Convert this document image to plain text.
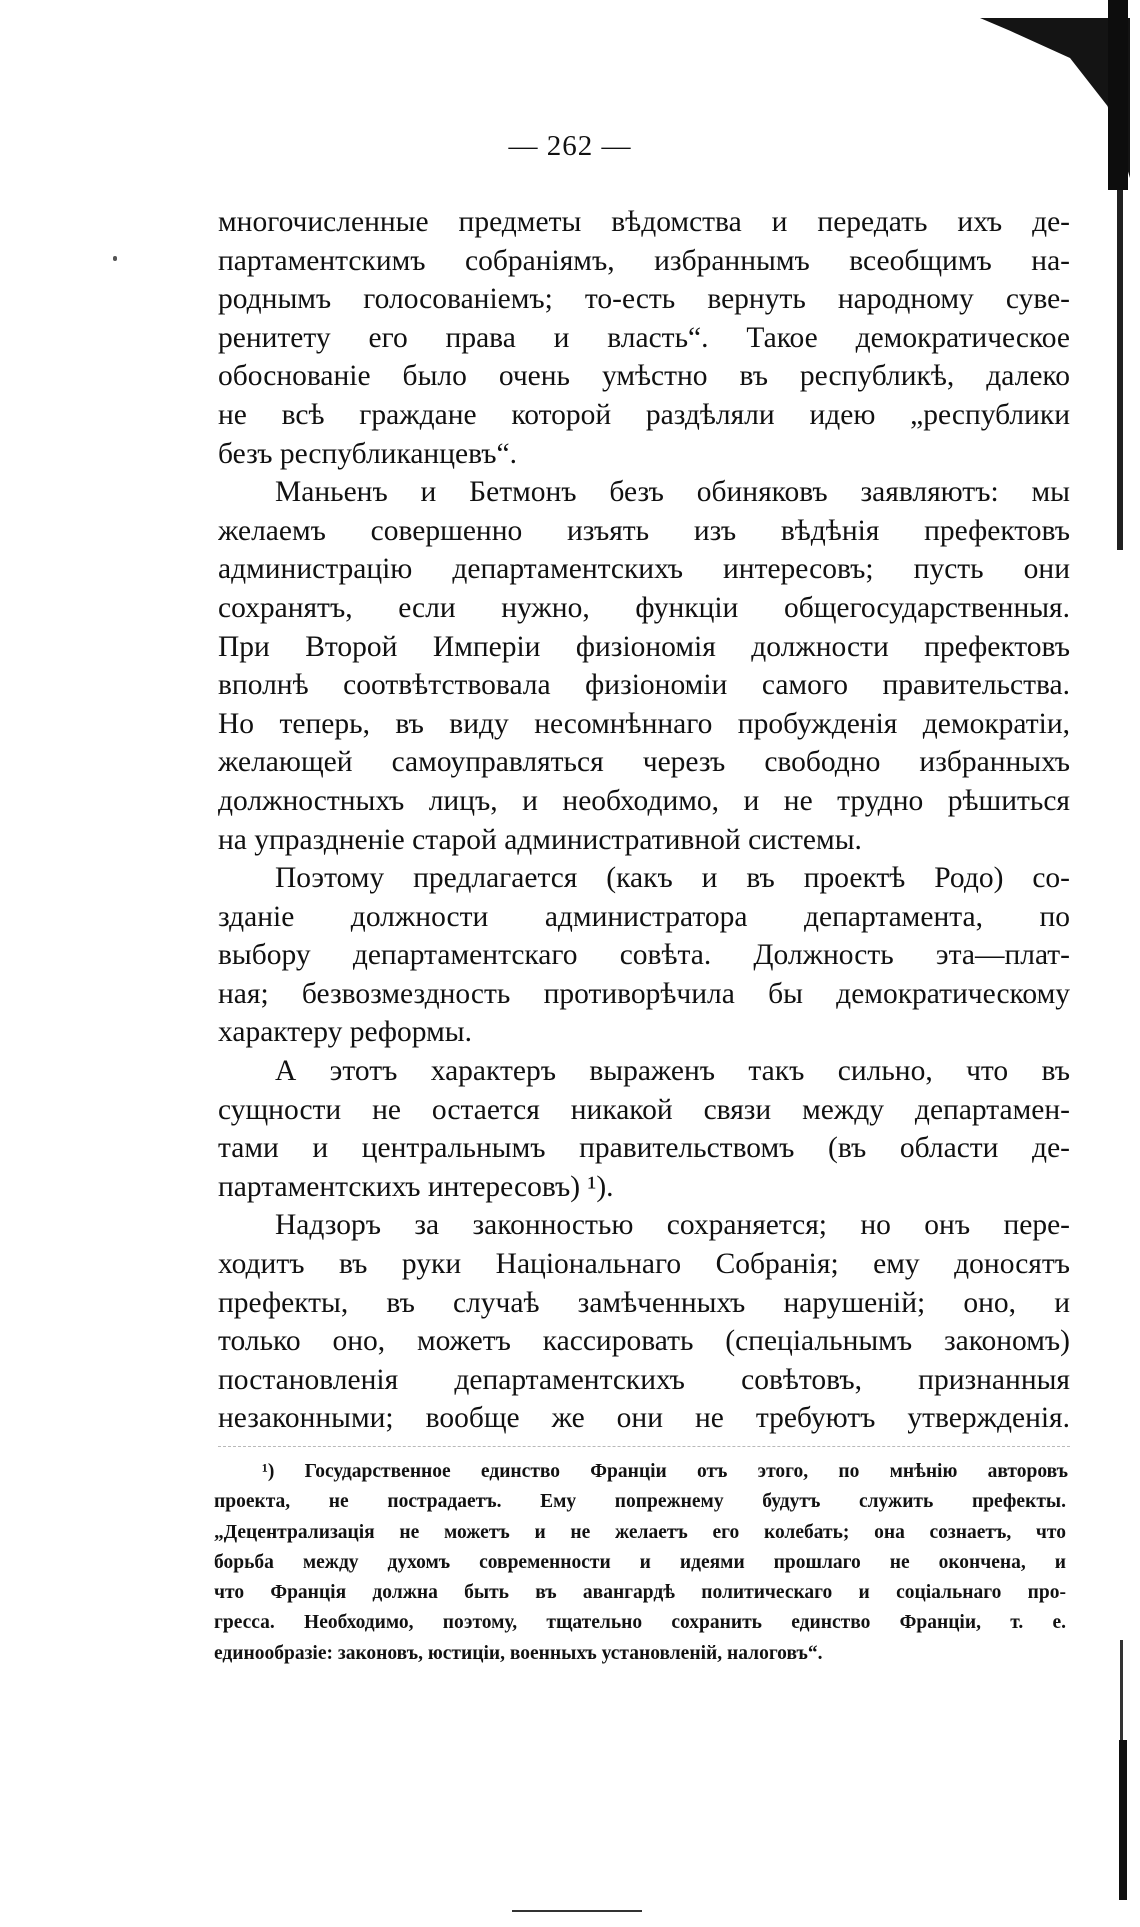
— 262 —

многочисленные предметы вѣдомства и передать ихъ де-
партаментскимъ собраніямъ, избраннымъ всеобщимъ на-
роднымъ голосованіемъ; то-есть вернуть народному суве-
ренитету его права и власть“. Такое демократическое
обоснованіе было очень умѣстно въ республикѣ, далеко
не всѣ граждане которой раздѣляли идею „республики
безъ республиканцевъ“.

Маньенъ и Бетмонъ безъ обиняковъ заявляютъ: мы
желаемъ совершенно изъять изъ вѣдѣнія префектовъ
администрацію департаментскихъ интересовъ; пусть они
сохранятъ, если нужно, функціи общегосударственныя.
При Второй Имперіи физіономія должности префектовъ
вполнѣ соотвѣтствовала физіономіи самого правительства.
Но теперь, въ виду несомнѣннаго пробужденія демократіи,
желающей самоуправляться черезъ свободно избранныхъ
должностныхъ лицъ, и необходимо, и не трудно рѣшиться
на упраздненіе старой административной системы.

Поэтому предлагается (какъ и въ проектѣ Родо) со-
зданіе должности администратора департамента, по
выбору департаментскаго совѣта. Должность эта—плат-
ная; безвозмездность противорѣчила бы демократическому
характеру реформы.

А этотъ характеръ выраженъ такъ сильно, что въ
сущности не остается никакой связи между департамен-
тами и центральнымъ правительствомъ (въ области де-
партаментскихъ интересовъ) ¹).

Надзоръ за законностью сохраняется; но онъ пере-
ходитъ въ руки Національнаго Собранія; ему доносятъ
префекты, въ случаѣ замѣченныхъ нарушеній; оно, и
только оно, можетъ кассировать (спеціальнымъ закономъ)
постановленія департаментскихъ совѣтовъ, признанныя
незаконными; вообще же они не требуютъ утвержденія.

¹) Государственное единство Франціи отъ этого, по мнѣнію авторовъ
проекта, не пострадаетъ. Ему попрежнему будутъ служить префекты.
„Децентрализація не можетъ и не желаетъ его колебать; она сознаетъ, что
борьба между духомъ современности и идеями прошлаго не окончена, и
что Франція должна быть въ авангардѣ политическаго и соціальнаго про-
гресса. Необходимо, поэтому, тщательно сохранить единство Франціи, т. е.
единообразіе: законовъ, юстиціи, военныхъ установленій, налоговъ“.
